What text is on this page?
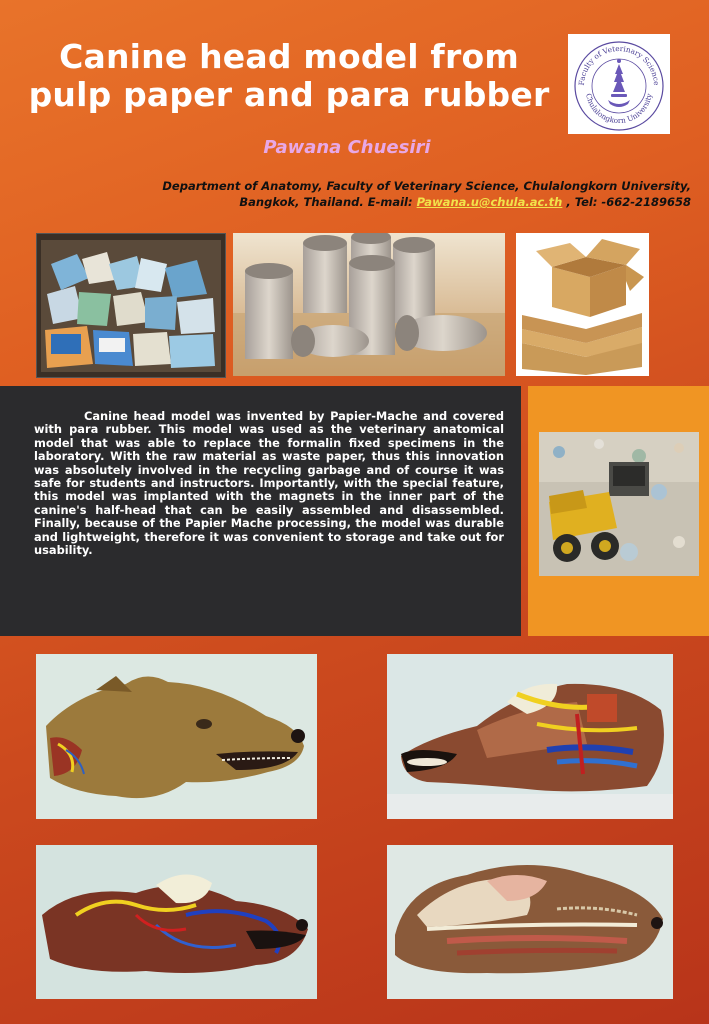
Canine head model from
pulp paper and para rubber	Faculty of Veterinary Science
Chulalongkorn University
Pawana Chuesiri
Department of Anatomy, Faculty of Veterinary Science, Chulalongkorn University,
Bangkok, Thailand. E-mail: Pawana.u@chula.ac.th , Tel: -662-2189658
Canine head model was invented by Papier-Mache and covered with para rubber. This model was used as the veterinary anatomical model that was able to replace the formalin fixed specimens in the laboratory. With the raw material as waste paper, thus this innovation was absolutely involved in the recycling garbage and of course it was safe for students and instructors. Importantly, with the special feature, this model was implanted with the magnets in the inner part of the canine's half-head that can be easily assembled and disassembled. Finally, because of the Papier Mache processing, the model was durable and lightweight, therefore it was convenient to storage and take out for usability.
